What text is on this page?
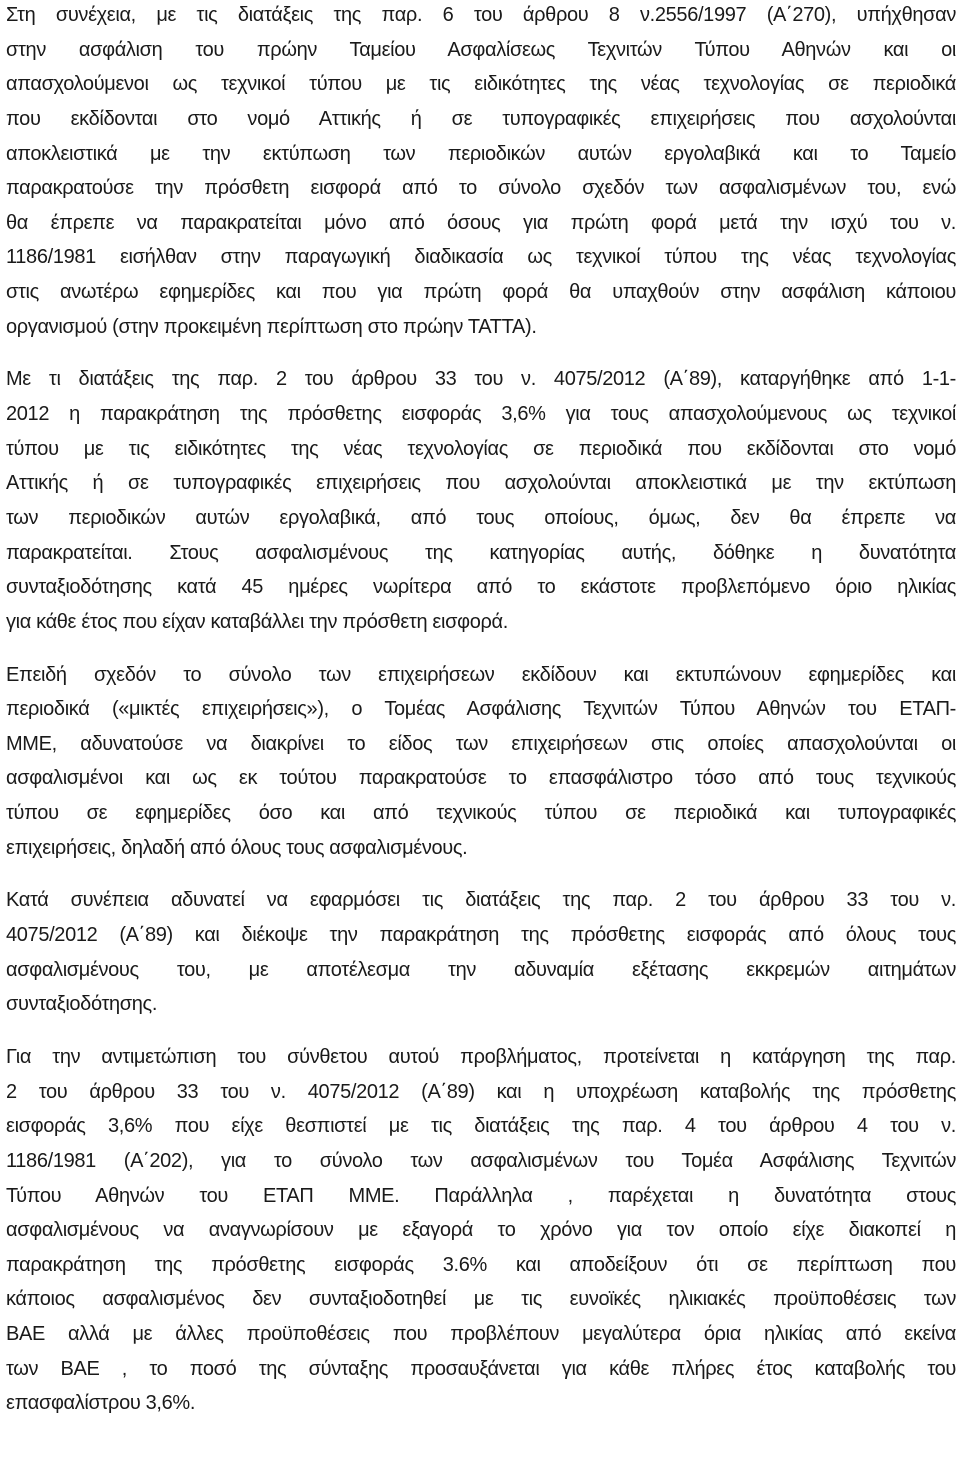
Στη συνέχεια, με τις διατάξεις της παρ. 6 του άρθρου 8 ν.2556/1997 (Α΄270), υπήχθησαν
στην ασφάλιση του πρώην Ταμείου Ασφαλίσεως Τεχνιτών Τύπου Αθηνών και οι
απασχολούμενοι ως τεχνικοί τύπου με τις ειδικότητες της νέας τεχνολογίας σε περιοδικά
που εκδίδονται στο νομό Αττικής ή σε τυπογραφικές επιχειρήσεις που ασχολούνται
αποκλειστικά με την εκτύπωση των περιοδικών αυτών εργολαβικά και το Ταμείο
παρακρατούσε την πρόσθετη εισφορά από το σύνολο σχεδόν των ασφαλισμένων του, ενώ
θα έπρεπε να παρακρατείται μόνο από όσους για πρώτη φορά μετά την ισχύ του ν.
1186/1981 εισήλθαν στην παραγωγική διαδικασία ως τεχνικοί τύπου της νέας τεχνολογίας
στις ανωτέρω εφημερίδες και που για πρώτη φορά θα υπαχθούν στην ασφάλιση κάποιου
οργανισμού (στην προκειμένη περίπτωση στο πρώην ΤΑΤΤΑ).
Με τι διατάξεις της παρ. 2 του άρθρου 33 του ν. 4075/2012 (Α΄89), καταργήθηκε από 1-1-
2012 η παρακράτηση της πρόσθετης εισφοράς 3,6% για τους απασχολούμενους ως τεχνικοί
τύπου με τις ειδικότητες της νέας τεχνολογίας σε περιοδικά που εκδίδονται στο νομό
Αττικής ή σε τυπογραφικές επιχειρήσεις που ασχολούνται αποκλειστικά με την εκτύπωση
των περιοδικών αυτών εργολαβικά, από τους οποίους, όμως, δεν θα έπρεπε να
παρακρατείται. Στους ασφαλισμένους της κατηγορίας αυτής, δόθηκε η δυνατότητα
συνταξιοδότησης κατά 45 ημέρες νωρίτερα από το εκάστοτε προβλεπόμενο όριο ηλικίας
για κάθε έτος που είχαν καταβάλλει την πρόσθετη εισφορά.
Επειδή σχεδόν το σύνολο των επιχειρήσεων εκδίδουν και εκτυπώνουν εφημερίδες και
περιοδικά («μικτές επιχειρήσεις»), ο Τομέας Ασφάλισης Τεχνιτών Τύπου Αθηνών του ΕΤΑΠ-
ΜΜΕ, αδυνατούσε να διακρίνει το είδος των επιχειρήσεων στις οποίες απασχολούνται οι
ασφαλισμένοι και ως εκ τούτου παρακρατούσε το επασφάλιστρο τόσο από τους τεχνικούς
τύπου σε εφημερίδες όσο και από τεχνικούς τύπου σε περιοδικά και τυπογραφικές
επιχειρήσεις, δηλαδή από όλους τους ασφαλισμένους.
Κατά συνέπεια αδυνατεί να εφαρμόσει τις διατάξεις της παρ. 2 του άρθρου 33 του ν.
4075/2012 (Α΄89) και διέκοψε την παρακράτηση της πρόσθετης εισφοράς από όλους τους
ασφαλισμένους του, με αποτέλεσμα την αδυναμία εξέτασης εκκρεμών αιτημάτων
συνταξιοδότησης.
Για την αντιμετώπιση του σύνθετου αυτού προβλήματος, προτείνεται η κατάργηση της παρ.
2 του άρθρου 33 του ν. 4075/2012 (Α΄89) και η υποχρέωση καταβολής της πρόσθετης
εισφοράς 3,6% που είχε θεσπιστεί με τις διατάξεις της παρ. 4 του άρθρου 4 του ν.
1186/1981 (Α΄202), για το σύνολο των ασφαλισμένων του Τομέα Ασφάλισης Τεχνιτών
Τύπου Αθηνών του ΕΤΑΠ ΜΜΕ. Παράλληλα , παρέχεται η δυνατότητα στους
ασφαλισμένους να αναγνωρίσουν με εξαγορά το χρόνο για τον οποίο είχε διακοπεί η
παρακράτηση της πρόσθετης εισφοράς 3.6% και αποδείξουν ότι σε περίπτωση που
κάποιος ασφαλισμένος δεν συνταξιοδοτηθεί με τις ευνοϊκές ηλικιακές προϋποθέσεις των
ΒΑΕ αλλά με άλλες προϋποθέσεις που προβλέπουν μεγαλύτερα όρια ηλικίας από εκείνα
των ΒΑΕ , το ποσό της σύνταξης προσαυξάνεται για κάθε πλήρες έτος καταβολής του
επασφαλίστρου 3,6%.
